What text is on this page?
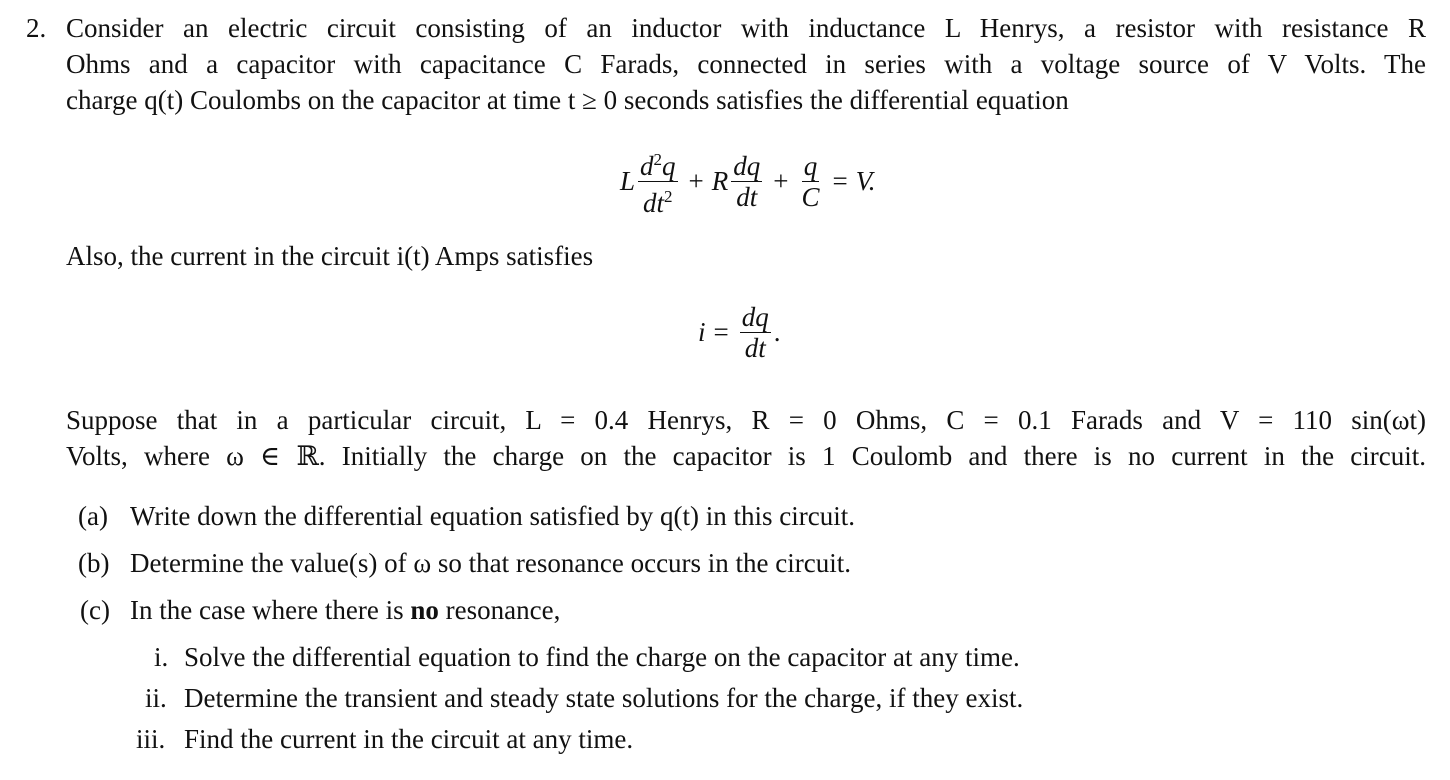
2. Consider an electric circuit consisting of an inductor with inductance L Henrys, a resistor with resistance R
Ohms and a capacitor with capacitance C Farads, connected in series with a voltage source of V Volts. The
charge q(t) Coulombs on the capacitor at time t ≥ 0 seconds satisfies the differential equation
L $\frac{d^2q}{dt^2} + R \frac{dq}{dt} + \frac{q}{C} = V$.
Also, the current in the circuit i(t) Amps satisfies
$i = \frac{dq}{dt}$ .
Suppose that in a particular circuit, L = 0.4 Henrys, R = 0 Ohms, C = 0.1 Farads and V = 110 sin(ωt)
Volts, where ω ∈ ℝ. Initially the charge on the capacitor is 1 Coulomb and there is no current in the circuit.
(a) Write down the differential equation satisfied by q(t) in this circuit.
(b) Determine the value(s) of ω so that resonance occurs in the circuit.
(c) In the case where there is no resonance,
i. Solve the differential equation to find the charge on the capacitor at any time.
ii. Determine the transient and steady state solutions for the charge, if they exist.
iii. Find the current in the circuit at any time.
